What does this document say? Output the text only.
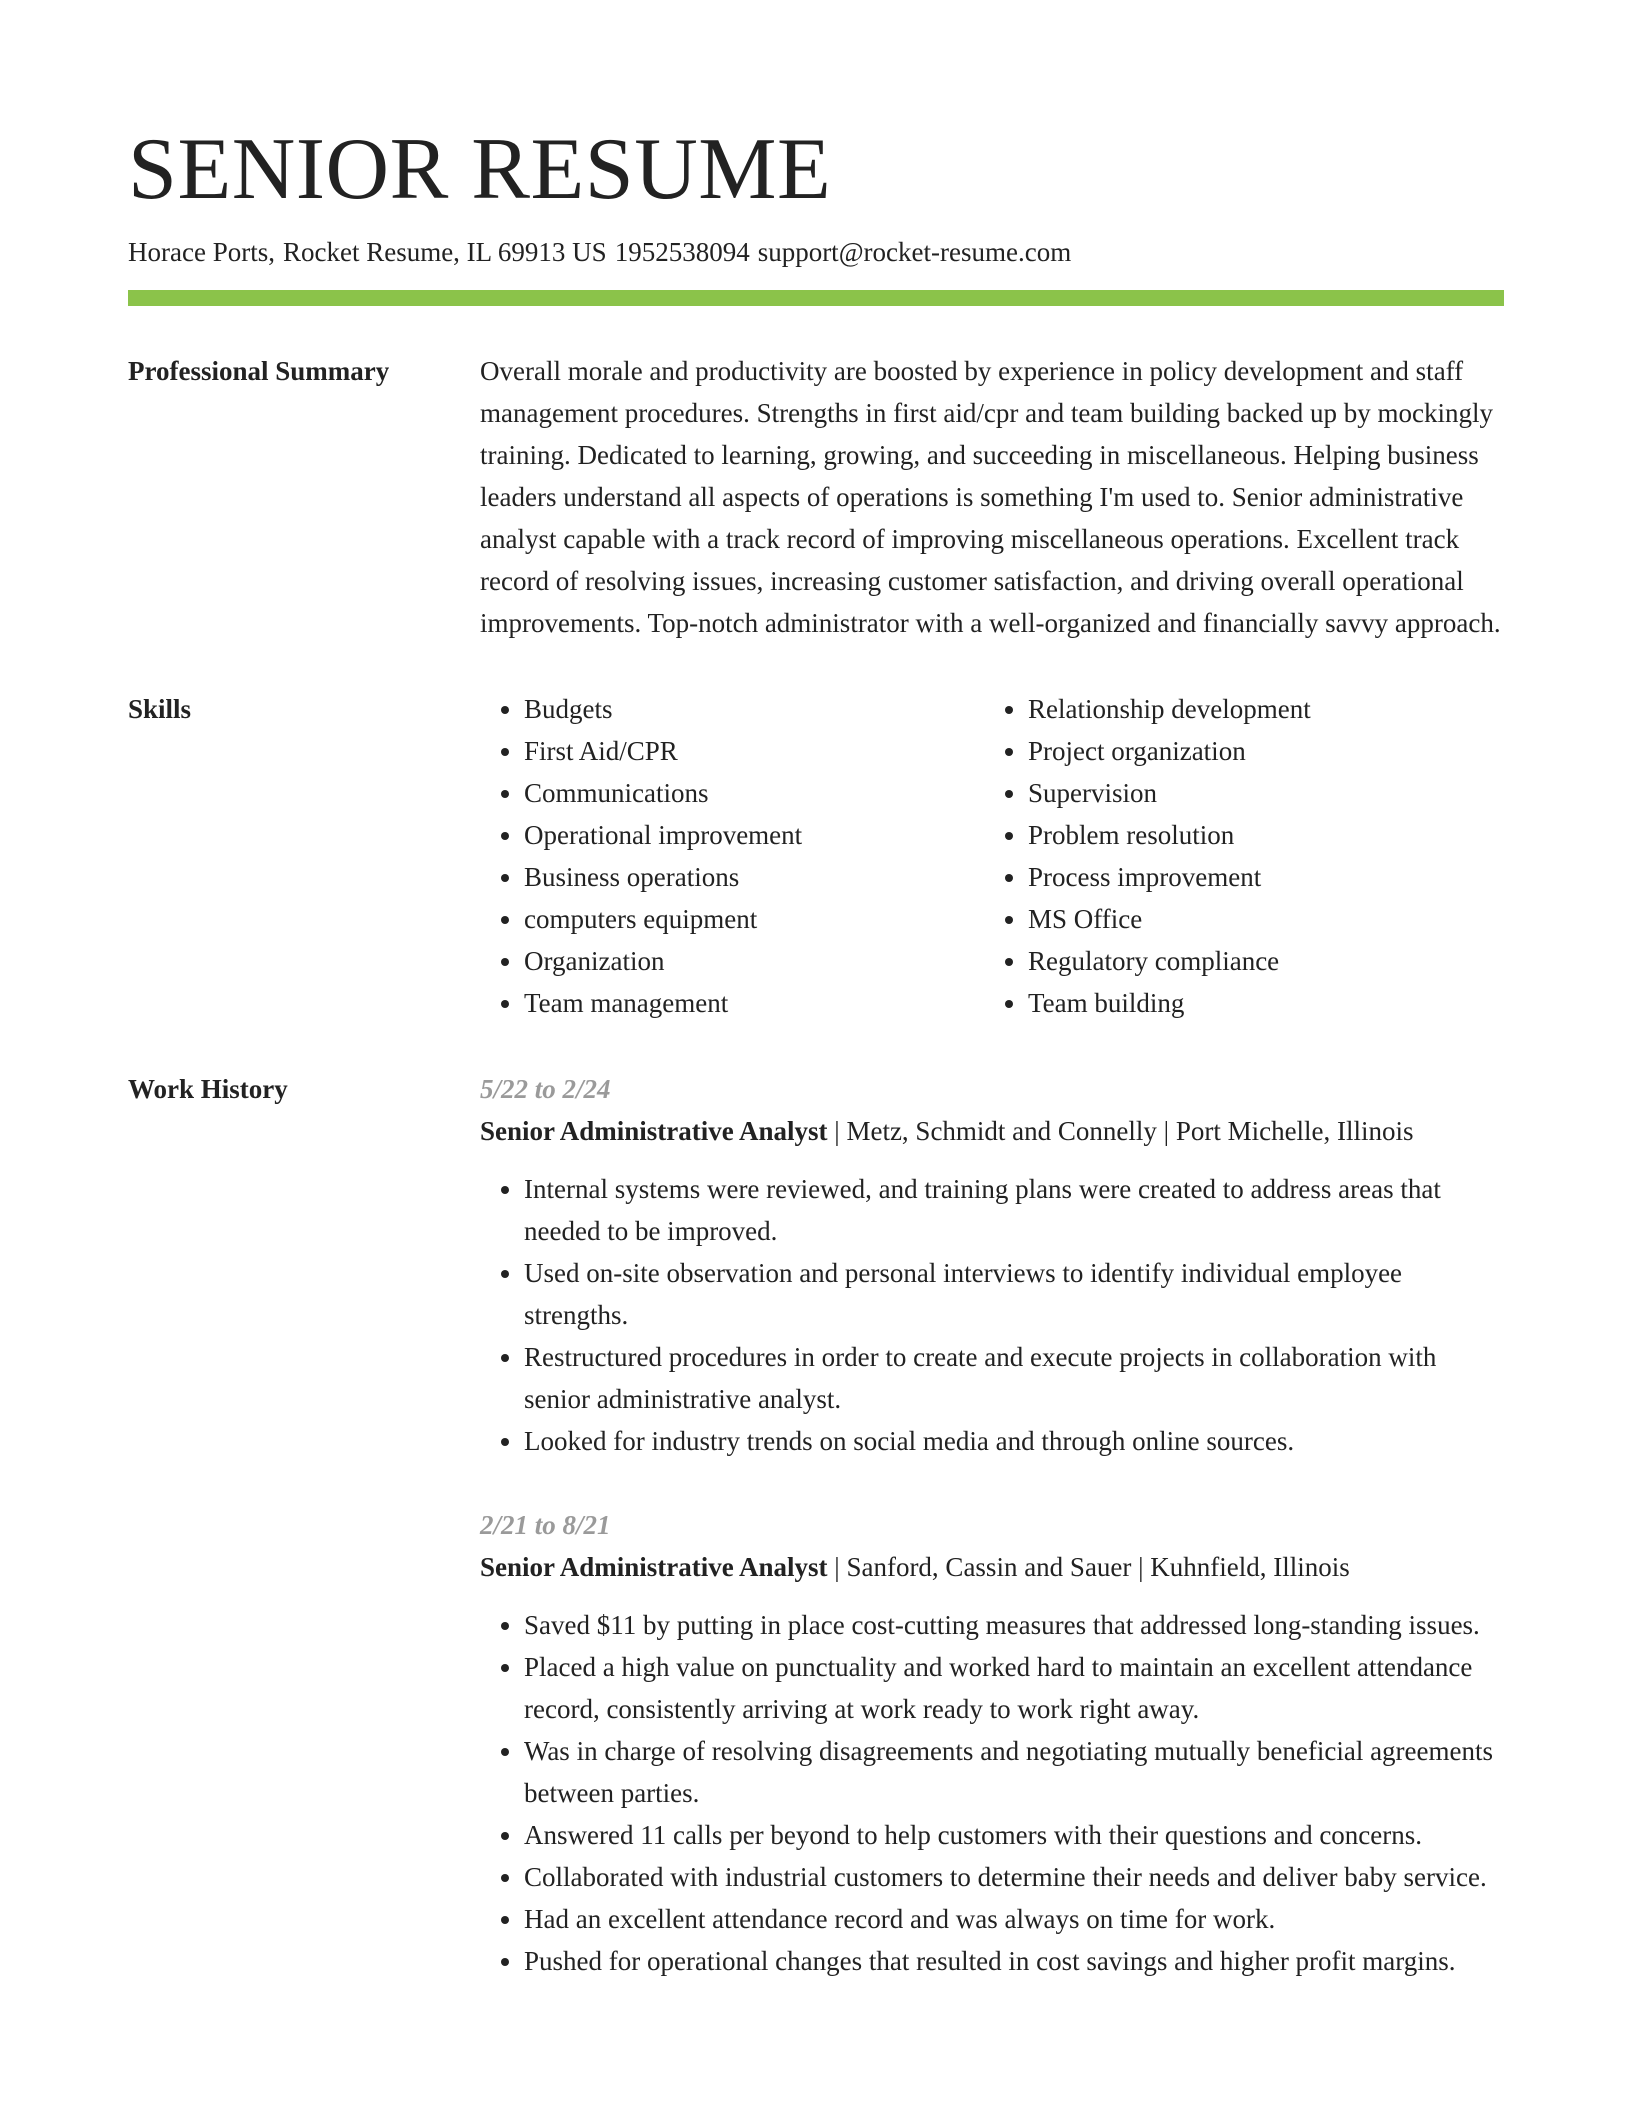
SENIOR RESUME
Horace Ports, Rocket Resume, IL 69913 US 1952538094 support@rocket-resume.com
Professional Summary	Overall morale and productivity are boosted by experience in policy development and staff management procedures. Strengths in first aid/cpr and team building backed up by mockingly training. Dedicated to learning, growing, and succeeding in miscellaneous. Helping business leaders understand all aspects of operations is something I'm used to. Senior administrative analyst capable with a track record of improving miscellaneous operations. Excellent track record of resolving issues, increasing customer satisfaction, and driving overall operational improvements. Top-notch administrator with a well-organized and financially savvy approach.

Skills
•	Budgets
• First Aid/CPR
• Communications
• Operational improvement
• Business operations
• computers equipment
• Organization
• Team management
• Relationship development
• Project organization
• Supervision
• Problem resolution
• Process improvement
• MS Office
• Regulatory compliance
• Team building
Work History	5/22 to 2/24
Senior Administrative Analyst | Metz, Schmidt and Connelly | Port Michelle, Illinois
• Internal systems were reviewed, and training plans were created to address areas that needed to be improved.
• Used on-site observation and personal interviews to identify individual employee strengths.
• Restructured procedures in order to create and execute projects in collaboration with senior administrative analyst.
• Looked for industry trends on social media and through online sources.
2/21 to 8/21
Senior Administrative Analyst | Sanford, Cassin and Sauer | Kuhnfield, Illinois
• Saved $11 by putting in place cost-cutting measures that addressed long-standing issues.
• Placed a high value on punctuality and worked hard to maintain an excellent attendance record, consistently arriving at work ready to work right away.
• Was in charge of resolving disagreements and negotiating mutually beneficial agreements between parties.
• Answered 11 calls per beyond to help customers with their questions and concerns.
• Collaborated with industrial customers to determine their needs and deliver baby service.
• Had an excellent attendance record and was always on time for work.
• Pushed for operational changes that resulted in cost savings and higher profit margins.
